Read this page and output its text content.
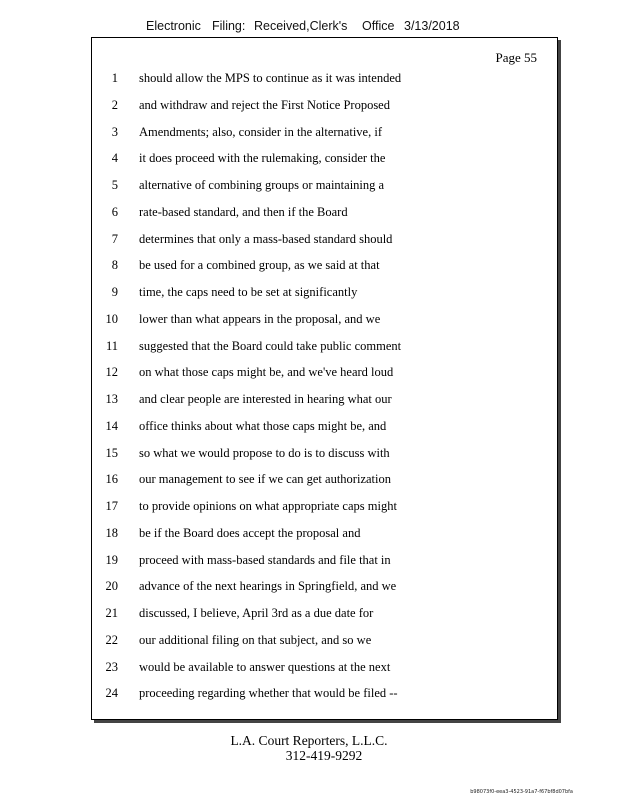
Electronic Filing: Received,Clerk's Office 3/13/2018
Page 55
1 should allow the MPS to continue as it was intended
2 and withdraw and reject the First Notice Proposed
3 Amendments; also, consider in the alternative, if
4 it does proceed with the rulemaking, consider the
5 alternative of combining groups or maintaining a
6 rate-based standard, and then if the Board
7 determines that only a mass-based standard should
8 be used for a combined group, as we said at that
9 time, the caps need to be set at significantly
10 lower than what appears in the proposal, and we
11 suggested that the Board could take public comment
12 on what those caps might be, and we've heard loud
13 and clear people are interested in hearing what our
14 office thinks about what those caps might be, and
15 so what we would propose to do is to discuss with
16 our management to see if we can get authorization
17 to provide opinions on what appropriate caps might
18 be if the Board does accept the proposal and
19 proceed with mass-based standards and file that in
20 advance of the next hearings in Springfield, and we
21 discussed, I believe, April 3rd as a due date for
22 our additional filing on that subject, and so we
23 would be available to answer questions at the next
24 proceeding regarding whether that would be filed --
L.A. Court Reporters, L.L.C.

312-419-9292
b98073f0-eea3-4523-91a7-f67bf8d07bfa
